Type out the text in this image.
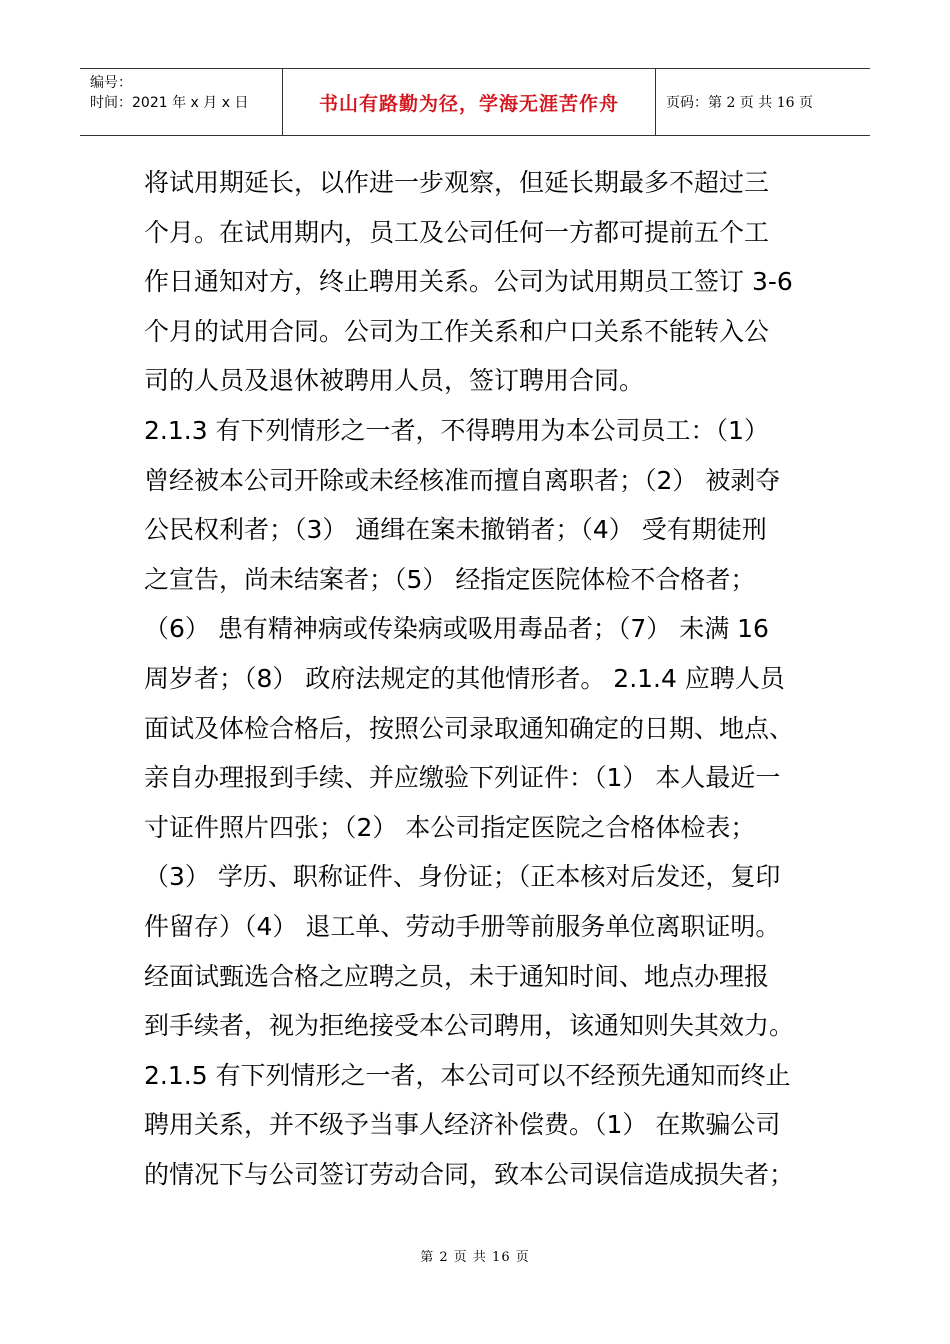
编号：
时间：2021 年 x 月 x 日	书山有路勤为径，学海无涯苦作舟	页码：第 2 页 共 16 页
将试用期延长，以作进一步观察，但延长期最多不超过三
个月。在试用期内，员工及公司任何一方都可提前五个工
作日通知对方，终止聘用关系。公司为试用期员工签订 3-6
个月的试用合同。公司为工作关系和户口关系不能转入公
司的人员及退休被聘用人员，签订聘用合同。
2.1.3 有下列情形之一者，不得聘用为本公司员工：（1）
曾经被本公司开除或未经核准而擅自离职者；（2） 被剥夺
公民权利者；（3） 通缉在案未撤销者；（4） 受有期徒刑
之宣告，尚未结案者；（5） 经指定医院体检不合格者；
（6） 患有精神病或传染病或吸用毒品者；（7） 未满 16
周岁者；（8） 政府法规定的其他情形者。 2.1.4 应聘人员
面试及体检合格后，按照公司录取通知确定的日期、地点、
亲自办理报到手续、并应缴验下列证件：（1） 本人最近一
寸证件照片四张；（2） 本公司指定医院之合格体检表；
（3） 学历、职称证件、身份证；（正本核对后发还，复印
件留存）（4） 退工单、劳动手册等前服务单位离职证明。
经面试甄选合格之应聘之员，未于通知时间、地点办理报
到手续者，视为拒绝接受本公司聘用，该通知则失其效力。
2.1.5 有下列情形之一者，本公司可以不经预先通知而终止
聘用关系，并不级予当事人经济补偿费。（1） 在欺骗公司
的情况下与公司签订劳动合同，致本公司误信造成损失者；
第 2 页 共 16 页
